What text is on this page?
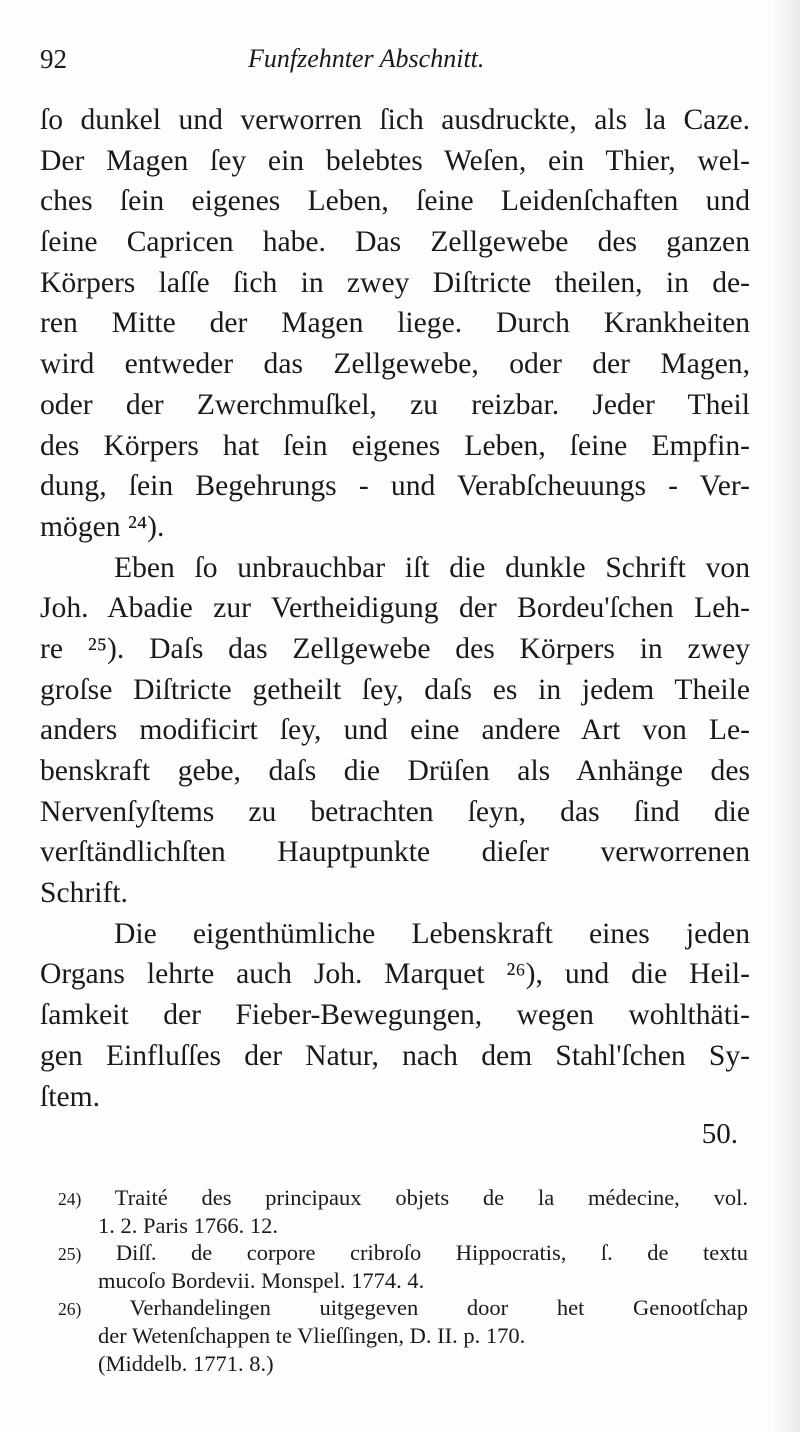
92	Funfzehnter Abschnitt.
ſo dunkel und verworren ſich ausdruckte, als la Caze.
Der Magen ſey ein belebtes Weſen, ein Thier, wel-
ches ſein eigenes Leben, ſeine Leidenſchaften und
ſeine Capricen habe. Das Zellgewebe des ganzen
Körpers laſſe ſich in zwey Diſtricte theilen, in de-
ren Mitte der Magen liege. Durch Krankheiten
wird entweder das Zellgewebe, oder der Magen,
oder der Zwerchmuſkel, zu reizbar. Jeder Theil
des Körpers hat ſein eigenes Leben, ſeine Empfin-
dung, ſein Begehrungs - und Verabſcheuungs - Ver-
mögen ²⁴).
Eben ſo unbrauchbar iſt die dunkle Schrift von
Joh. Abadie zur Vertheidigung der Bordeu'ſchen Leh-
re ²⁵). Daſs das Zellgewebe des Körpers in zwey
groſse Diſtricte getheilt ſey, daſs es in jedem Theile
anders modificirt ſey, und eine andere Art von Le-
benskraft gebe, daſs die Drüſen als Anhänge des
Nervenſyſtems zu betrachten ſeyn, das ſind die
verſtändlichſten Hauptpunkte dieſer verworrenen
Schrift.
Die eigenthümliche Lebenskraft eines jeden
Organs lehrte auch Joh. Marquet ²⁶), und die Heil-
ſamkeit der Fieber-Bewegungen, wegen wohlthäti-
gen Einfluſſes der Natur, nach dem Stahl'ſchen Sy-
ſtem.
50.
24) Traité des principaux objets de la médecine, vol.
1. 2. Paris 1766. 12.
25) Diſſ. de corpore cribroſo Hippocratis, ſ. de textu
mucoſo Bordevii. Monspel. 1774. 4.
26) Verhandelingen uitgegeven door het Genootſchap
der Wetenſchappen te Vlieſſingen, D. II. p. 170.
(Middelb. 1771. 8.)
